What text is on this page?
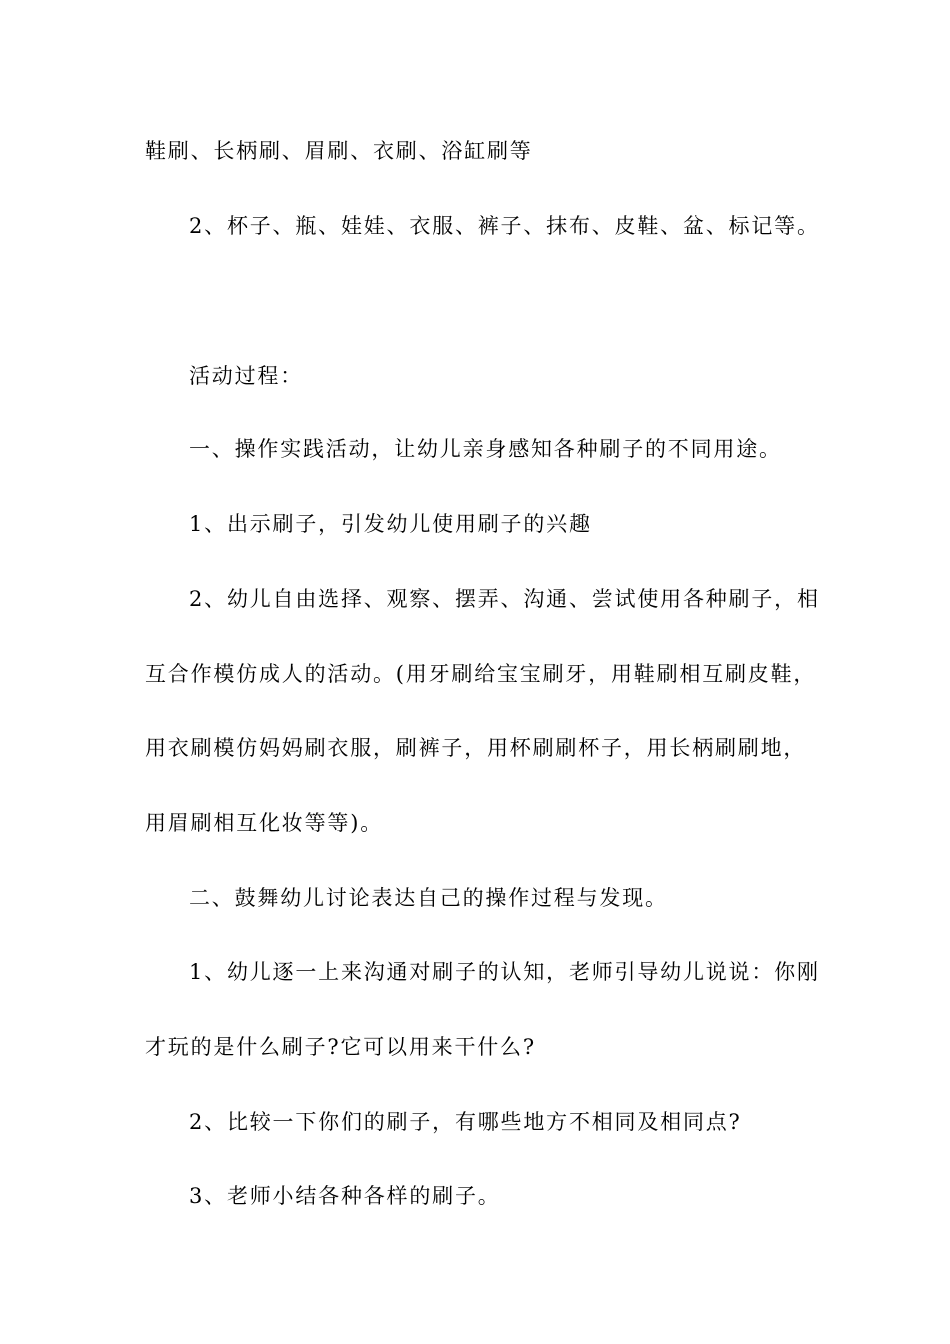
鞋刷、长柄刷、眉刷、衣刷、浴缸刷等
2、杯子、瓶、娃娃、衣服、裤子、抹布、皮鞋、盆、标记等。
活动过程：
一、操作实践活动，让幼儿亲身感知各种刷子的不同用途。
1、出示刷子，引发幼儿使用刷子的兴趣
2、幼儿自由选择、观察、摆弄、沟通、尝试使用各种刷子，相
互合作模仿成人的活动。(用牙刷给宝宝刷牙，用鞋刷相互刷皮鞋，
用衣刷模仿妈妈刷衣服，刷裤子，用杯刷刷杯子，用长柄刷刷地，
用眉刷相互化妆等等)。
二、鼓舞幼儿讨论表达自己的操作过程与发现。
1、幼儿逐一上来沟通对刷子的认知，老师引导幼儿说说：你刚
才玩的是什么刷子?它可以用来干什么?
2、比较一下你们的刷子，有哪些地方不相同及相同点?
3、老师小结各种各样的刷子。
